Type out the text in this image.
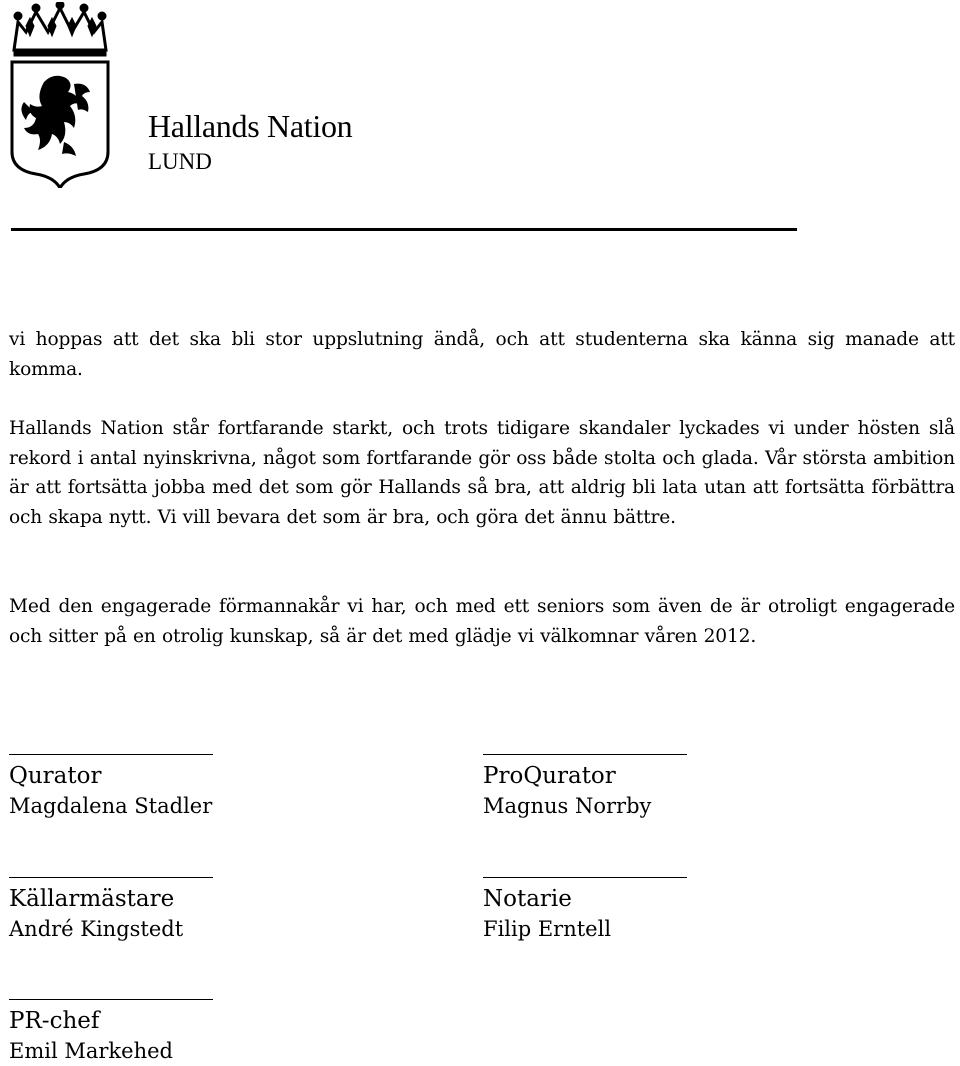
Hallands Nation
LUND

vi hoppas att det ska bli stor uppslutning ändå, och att studenterna ska känna sig manade att komma.

Hallands Nation står fortfarande starkt, och trots tidigare skandaler lyckades vi under hösten slå rekord i antal nyinskrivna, något som fortfarande gör oss både stolta och glada. Vår största ambition är att fortsätta jobba med det som gör Hallands så bra, att aldrig bli lata utan att fortsätta förbättra och skapa nytt. Vi vill bevara det som är bra, och göra det ännu bättre.

Med den engagerade förmannakår vi har, och med ett seniors som även de är otroligt engagerade och sitter på en otrolig kunskap, så är det med glädje vi välkomnar våren 2012.

Qurator
Magdalena Stadler
ProQurator
Magnus Norrby
Källarmästare
André Kingstedt
Notarie
Filip Erntell
PR-chef
Emil Markehed
